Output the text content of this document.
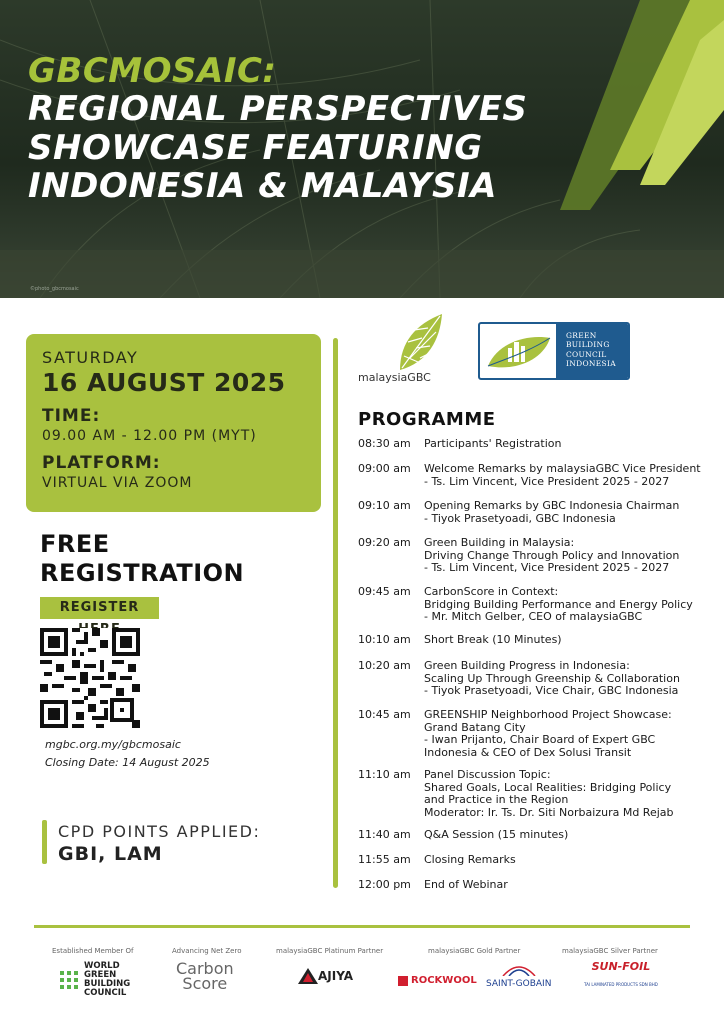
GBCMOSAIC:
REGIONAL PERSPECTIVES
SHOWCASE FEATURING
INDONESIA & MALAYSIA
©photo_gbcmosaic
SATURDAY
16 AUGUST 2025
TIME:
09.00 AM - 12.00 PM (MYT)
PLATFORM:
VIRTUAL VIA ZOOM
FREE
REGISTRATION
REGISTER
mgbc.org.my/gbcmosaic
Closing Date: 14 August 2025
CPD POINTS APPLIED:
GBI, LAM
malaysiaGBC
GREEN
BUILDING
COUNCIL
INDONESIA
PROGRAMME
08:30 am	Participants' Registration
09:00 am	Welcome Remarks by malaysiaGBC Vice President
- Ts. Lim Vincent, Vice President 2025 - 2027
09:10 am	Opening Remarks by GBC Indonesia Chairman
- Tiyok Prasetyoadi, GBC Indonesia
09:20 am	Green Building in Malaysia:
Driving Change Through Policy and Innovation
- Ts. Lim Vincent, Vice President 2025 - 2027
09:45 am	CarbonScore in Context:
Bridging Building Performance and Energy Policy
- Mr. Mitch Gelber, CEO of malaysiaGBC
10:10 am	Short Break (10 Minutes)
10:20 am	Green Building Progress in Indonesia:
Scaling Up Through Greenship & Collaboration
- Tiyok Prasetyoadi, Vice Chair, GBC Indonesia
10:45 am	GREENSHIP Neighborhood Project Showcase:
Grand Batang City
- Iwan Prijanto, Chair Board of Expert GBC
Indonesia & CEO of Dex Solusi Transit
11:10 am	Panel Discussion Topic:
Shared Goals, Local Realities: Bridging Policy
and Practice in the Region
Moderator: Ir. Ts. Dr. Siti Norbaizura Md Rejab
11:40 am	Q&A Session (15 minutes)
11:55 am	Closing Remarks
12:00 pm	End of Webinar
Established Member Of	Advancing Net Zero	malaysiaGBC Platinum Partner	malaysiaGBC Gold Partner	malaysiaGBC Silver Partner
WORLD
GREEN
BUILDING
COUNCIL
Carbon
Score	AJIYA	ROCKWOOL SAINT-GOBAIN
SUN-FOIL
TAI LAMINATED PRODUCTS SDN BHD
